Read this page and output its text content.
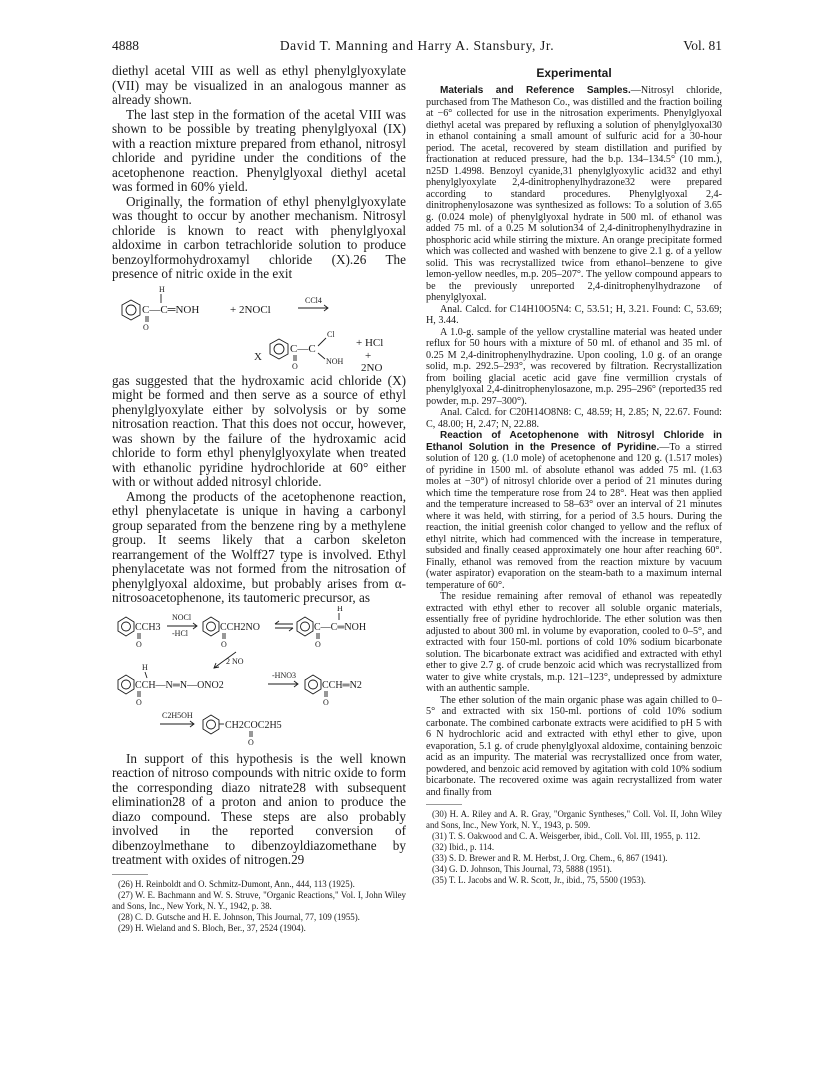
4888	David T. Manning and Harry A. Stansbury, Jr.	Vol. 81

diethyl acetal VIII as well as ethyl phenylglyoxylate (VII) may be visualized in an analogous manner as already shown.

The last step in the formation of the acetal VIII was shown to be possible by treating phenylglyoxal (IX) with a reaction mixture prepared from ethanol, nitrosyl chloride and pyridine under the conditions of the acetophenone reaction. Phenylglyoxal diethyl acetal was formed in 60% yield.

Originally, the formation of ethyl phenylglyoxylate was thought to occur by another mechanism. Nitrosyl chloride is known to react with phenylglyoxal aldoxime in carbon tetrachloride solution to produce benzoylformohydroxamyl chloride (X).26 The presence of nitric oxide in the exit

H
C—C═NOH
O
+ 2NOCl
CCl4
X
C—C
O
Cl
NOH
+ HCl
+
2NO

gas suggested that the hydroxamic acid chloride (X) might be formed and then serve as a source of ethyl phenylglyoxylate either by solvolysis or by some nitrosation reaction. That this does not occur, however, was shown by the failure of the hydroxamic acid chloride to form ethyl phenylglyoxylate when treated with ethanolic pyridine hydrochloride at 60° either with or without added nitrosyl chloride.

Among the products of the acetophenone reaction, ethyl phenylacetate is unique in having a carbonyl group separated from the benzene ring by a methylene group. It seems likely that a carbon skeleton rearrangement of the Wolff27 type is involved. Ethyl phenylacetate was not formed from the nitrosation of phenylglyoxal aldoxime, but probably arises from α-nitrosoacetophenone, its tautomeric precursor, as

CCH3
O
NOCl
-HCl
CCH2NO
O
H
C—C═NOH
O
2 NO
H
CCH—N═N—ONO2
O
-HNO3
CCH═N2
O
C2H5OH
CH2COC2H5
O

In support of this hypothesis is the well known reaction of nitroso compounds with nitric oxide to form the corresponding diazo nitrate28 with subsequent elimination28 of a proton and anion to produce the diazo compound. These steps are also probably involved in the reported conversion of dibenzoylmethane to dibenzoyldiazomethane by treatment with oxides of nitrogen.29

(26) H. Reinboldt and O. Schmitz-Dumont, Ann., 444, 113 (1925).

(27) W. E. Bachmann and W. S. Struve, "Organic Reactions," Vol. I, John Wiley and Sons, Inc., New York, N. Y., 1942, p. 38.

(28) C. D. Gutsche and H. E. Johnson, This Journal, 77, 109 (1955).

(29) H. Wieland and S. Bloch, Ber., 37, 2524 (1904).

Experimental

Materials and Reference Samples.—Nitrosyl chloride, purchased from The Matheson Co., was distilled and the fraction boiling at −6° collected for use in the nitrosation experiments. Phenylglyoxal diethyl acetal was prepared by refluxing a solution of phenylglyoxal30 in ethanol containing a small amount of sulfuric acid for a 30-hour period. The acetal, recovered by steam distillation and purified by fractionation at reduced pressure, had the b.p. 134–134.5° (10 mm.), n25D 1.4998. Benzoyl cyanide,31 phenylglyoxylic acid32 and ethyl phenylglyoxylate 2,4-dinitrophenylhydrazone32 were prepared according to standard procedures. Phenylglyoxal 2,4-dinitrophenylosazone was synthesized as follows: To a solution of 3.65 g. (0.024 mole) of phenylglyoxal hydrate in 500 ml. of ethanol was added 75 ml. of a 0.25 M solution34 of 2,4-dinitrophenylhydrazine in phosphoric acid while stirring the mixture. An orange precipitate formed which was collected and washed with benzene to give 2.1 g. of a yellow solid. This was recrystallized twice from ethanol–benzene to give lemon-yellow needles, m.p. 205–207°. The yellow compound appears to be the previously unreported 2,4-dinitrophenylhydrazone of phenylglyoxal.

Anal. Calcd. for C14H10O5N4: C, 53.51; H, 3.21. Found: C, 53.69; H, 3.44.

A 1.0-g. sample of the yellow crystalline material was heated under reflux for 50 hours with a mixture of 50 ml. of ethanol and 35 ml. of 0.25 M 2,4-dinitrophenylhydrazine. Upon cooling, 1.0 g. of an orange solid, m.p. 292.5–293°, was recovered by filtration. Recrystallization from boiling glacial acetic acid gave fine vermillion crystals of phenylglyoxal 2,4-dinitrophenylosazone, m.p. 295–296° (reported35 red powder, m.p. 297–300°).

Anal. Calcd. for C20H14O8N8: C, 48.59; H, 2.85; N, 22.67. Found: C, 48.00; H, 2.47; N, 22.88.

Reaction of Acetophenone with Nitrosyl Chloride in Ethanol Solution in the Presence of Pyridine.—To a stirred solution of 120 g. (1.0 mole) of acetophenone and 120 g. (1.517 moles) of pyridine in 1500 ml. of absolute ethanol was added 75 ml. (1.63 moles at −30°) of nitrosyl chloride over a period of 21 minutes during which time the temperature rose from 24 to 28°. Heat was then applied and the temperature increased to 58–63° over an interval of 21 minutes where it was held, with stirring, for a period of 3.5 hours. During the reaction, the initial greenish color changed to yellow and the reflux of ethyl nitrite, which had commenced with the increase in temperature, subsided and finally ceased approximately one hour after reaching 60°. Finally, ethanol was removed from the reaction mixture by vacuum (water aspirator) evaporation on the steam-bath to a maximum internal temperature of 60°.

The residue remaining after removal of ethanol was repeatedly extracted with ethyl ether to recover all soluble organic materials, essentially free of pyridine hydrochloride. The ether solution was then adjusted to about 300 ml. in volume by evaporation, cooled to 0–5°, and extracted with four 150-ml. portions of cold 10% sodium bicarbonate solution. The bicarbonate extract was acidified and extracted with ethyl ether to give 2.7 g. of crude benzoic acid which was recrystallized from water to give white crystals, m.p. 121–123°, undepressed by admixture with an authentic sample.

The ether solution of the main organic phase was again chilled to 0–5° and extracted with six 150-ml. portions of cold 10% sodium carbonate. The combined carbonate extracts were acidified to pH 5 with 6 N hydrochloric acid and extracted with ethyl ether to give, upon evaporation, 5.1 g. of crude phenylglyoxal aldoxime, containing benzoic acid as an impurity. The material was recrystallized once from water, powdered, and benzoic acid removed by agitation with cold 10% sodium bicarbonate. The recovered oxime was again recrystallized from water and finally from

(30) H. A. Riley and A. R. Gray, "Organic Syntheses," Coll. Vol. II, John Wiley and Sons, Inc., New York, N. Y., 1943, p. 509.

(31) T. S. Oakwood and C. A. Weisgerber, ibid., Coll. Vol. III, 1955, p. 112.

(32) Ibid., p. 114.

(33) S. D. Brewer and R. M. Herbst, J. Org. Chem., 6, 867 (1941).

(34) G. D. Johnson, This Journal, 73, 5888 (1951).

(35) T. L. Jacobs and W. R. Scott, Jr., ibid., 75, 5500 (1953).
